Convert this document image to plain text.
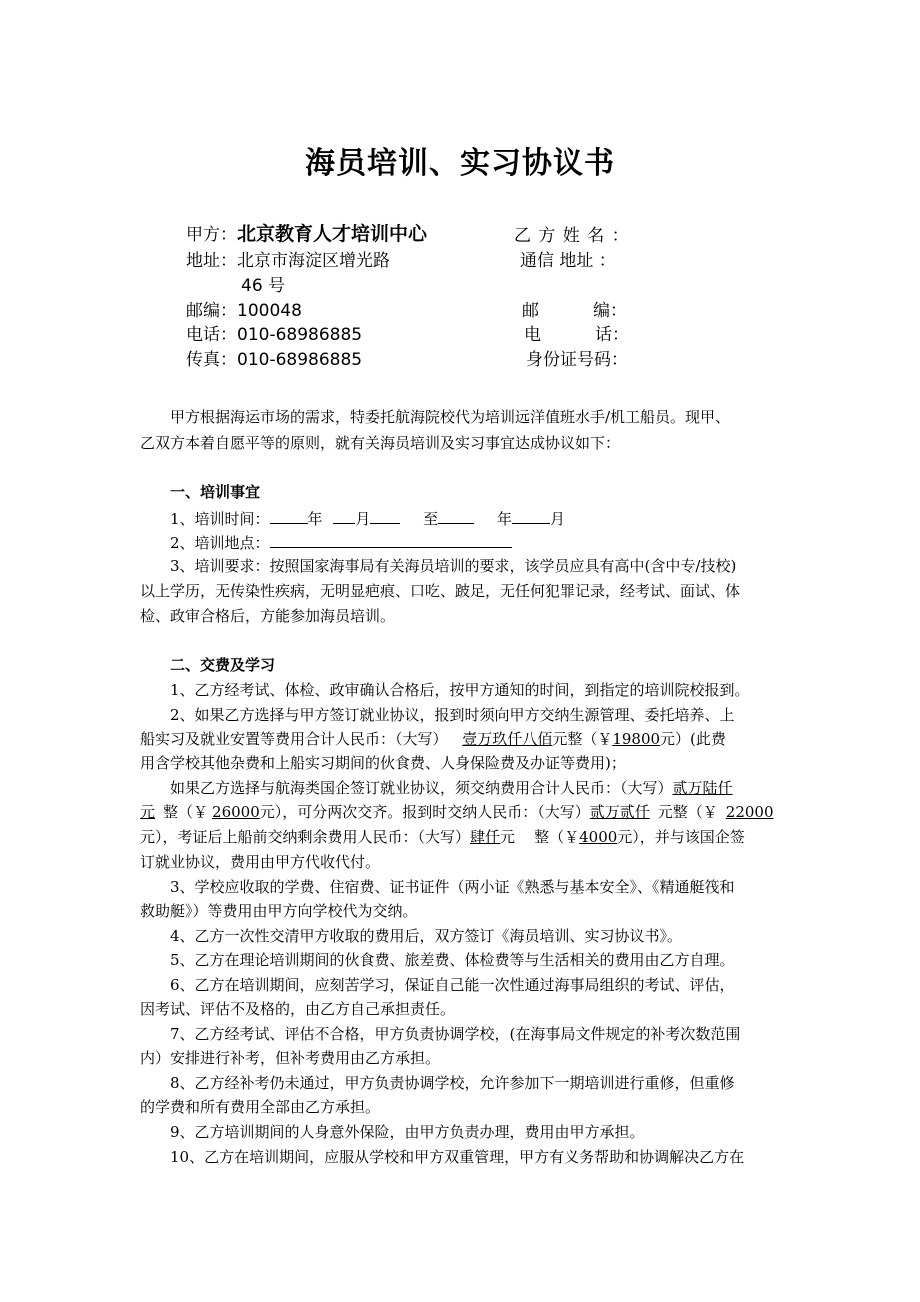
海员培训、实习协议书
甲方：北京教育人才培训中心	乙 方 姓 名 ：
地址：北京市海淀区增光路	通信 地址 ：
46 号
邮编：100048	邮          编：
电话：010-68986885	电          话：
传真：010-68986885	身份证号码：
甲方根据海运市场的需求，特委托航海院校代为培训远洋值班水手/机工船员。现甲、
乙双方本着自愿平等的原则，就有关海员培训及实习事宜达成协议如下：
一、培训事宜
1、培训时间：	年 月	至	年	月
2、培训地点：
3、培训要求：按照国家海事局有关海员培训的要求，该学员应具有高中(含中专/技校)
以上学历，无传染性疾病，无明显疤痕、口吃、跛足，无任何犯罪记录，经考试、面试、体
检、政审合格后，方能参加海员培训。
二、交费及学习
1、乙方经考试、体检、政审确认合格后，按甲方通知的时间，到指定的培训院校报到。
2、如果乙方选择与甲方签订就业协议，报到时须向甲方交纳生源管理、委托培养、上
船实习及就业安置等费用合计人民币：（大写） 壹万玖仟八佰元整（￥19800元）(此费
用含学校其他杂费和上船实习期间的伙食费、人身保险费及办证等费用)；
如果乙方选择与航海类国企签订就业协议，须交纳费用合计人民币：（大写）贰万陆仟
元 整（￥ 26000元），可分两次交齐。报到时交纳人民币：（大写）贰万贰仟 元整（￥ 22000
元），考证后上船前交纳剩余费用人民币：（大写）肆仟元    整（￥4000元），并与该国企签
订就业协议，费用由甲方代收代付。
3、学校应收取的学费、住宿费、证书证件（两小证《熟悉与基本安全》、《精通艇筏和
救助艇》）等费用由甲方向学校代为交纳。
4、乙方一次性交清甲方收取的费用后，双方签订《海员培训、实习协议书》。
5、乙方在理论培训期间的伙食费、旅差费、体检费等与生活相关的费用由乙方自理。
6、乙方在培训期间，应刻苦学习，保证自己能一次性通过海事局组织的考试、评估，
因考试、评估不及格的，由乙方自己承担责任。
7、乙方经考试、评估不合格，甲方负责协调学校，(在海事局文件规定的补考次数范围
内）安排进行补考，但补考费用由乙方承担。
8、乙方经补考仍未通过，甲方负责协调学校，允许参加下一期培训进行重修，但重修
的学费和所有费用全部由乙方承担。
9、乙方培训期间的人身意外保险，由甲方负责办理，费用由甲方承担。
10、乙方在培训期间，应服从学校和甲方双重管理，甲方有义务帮助和协调解决乙方在
